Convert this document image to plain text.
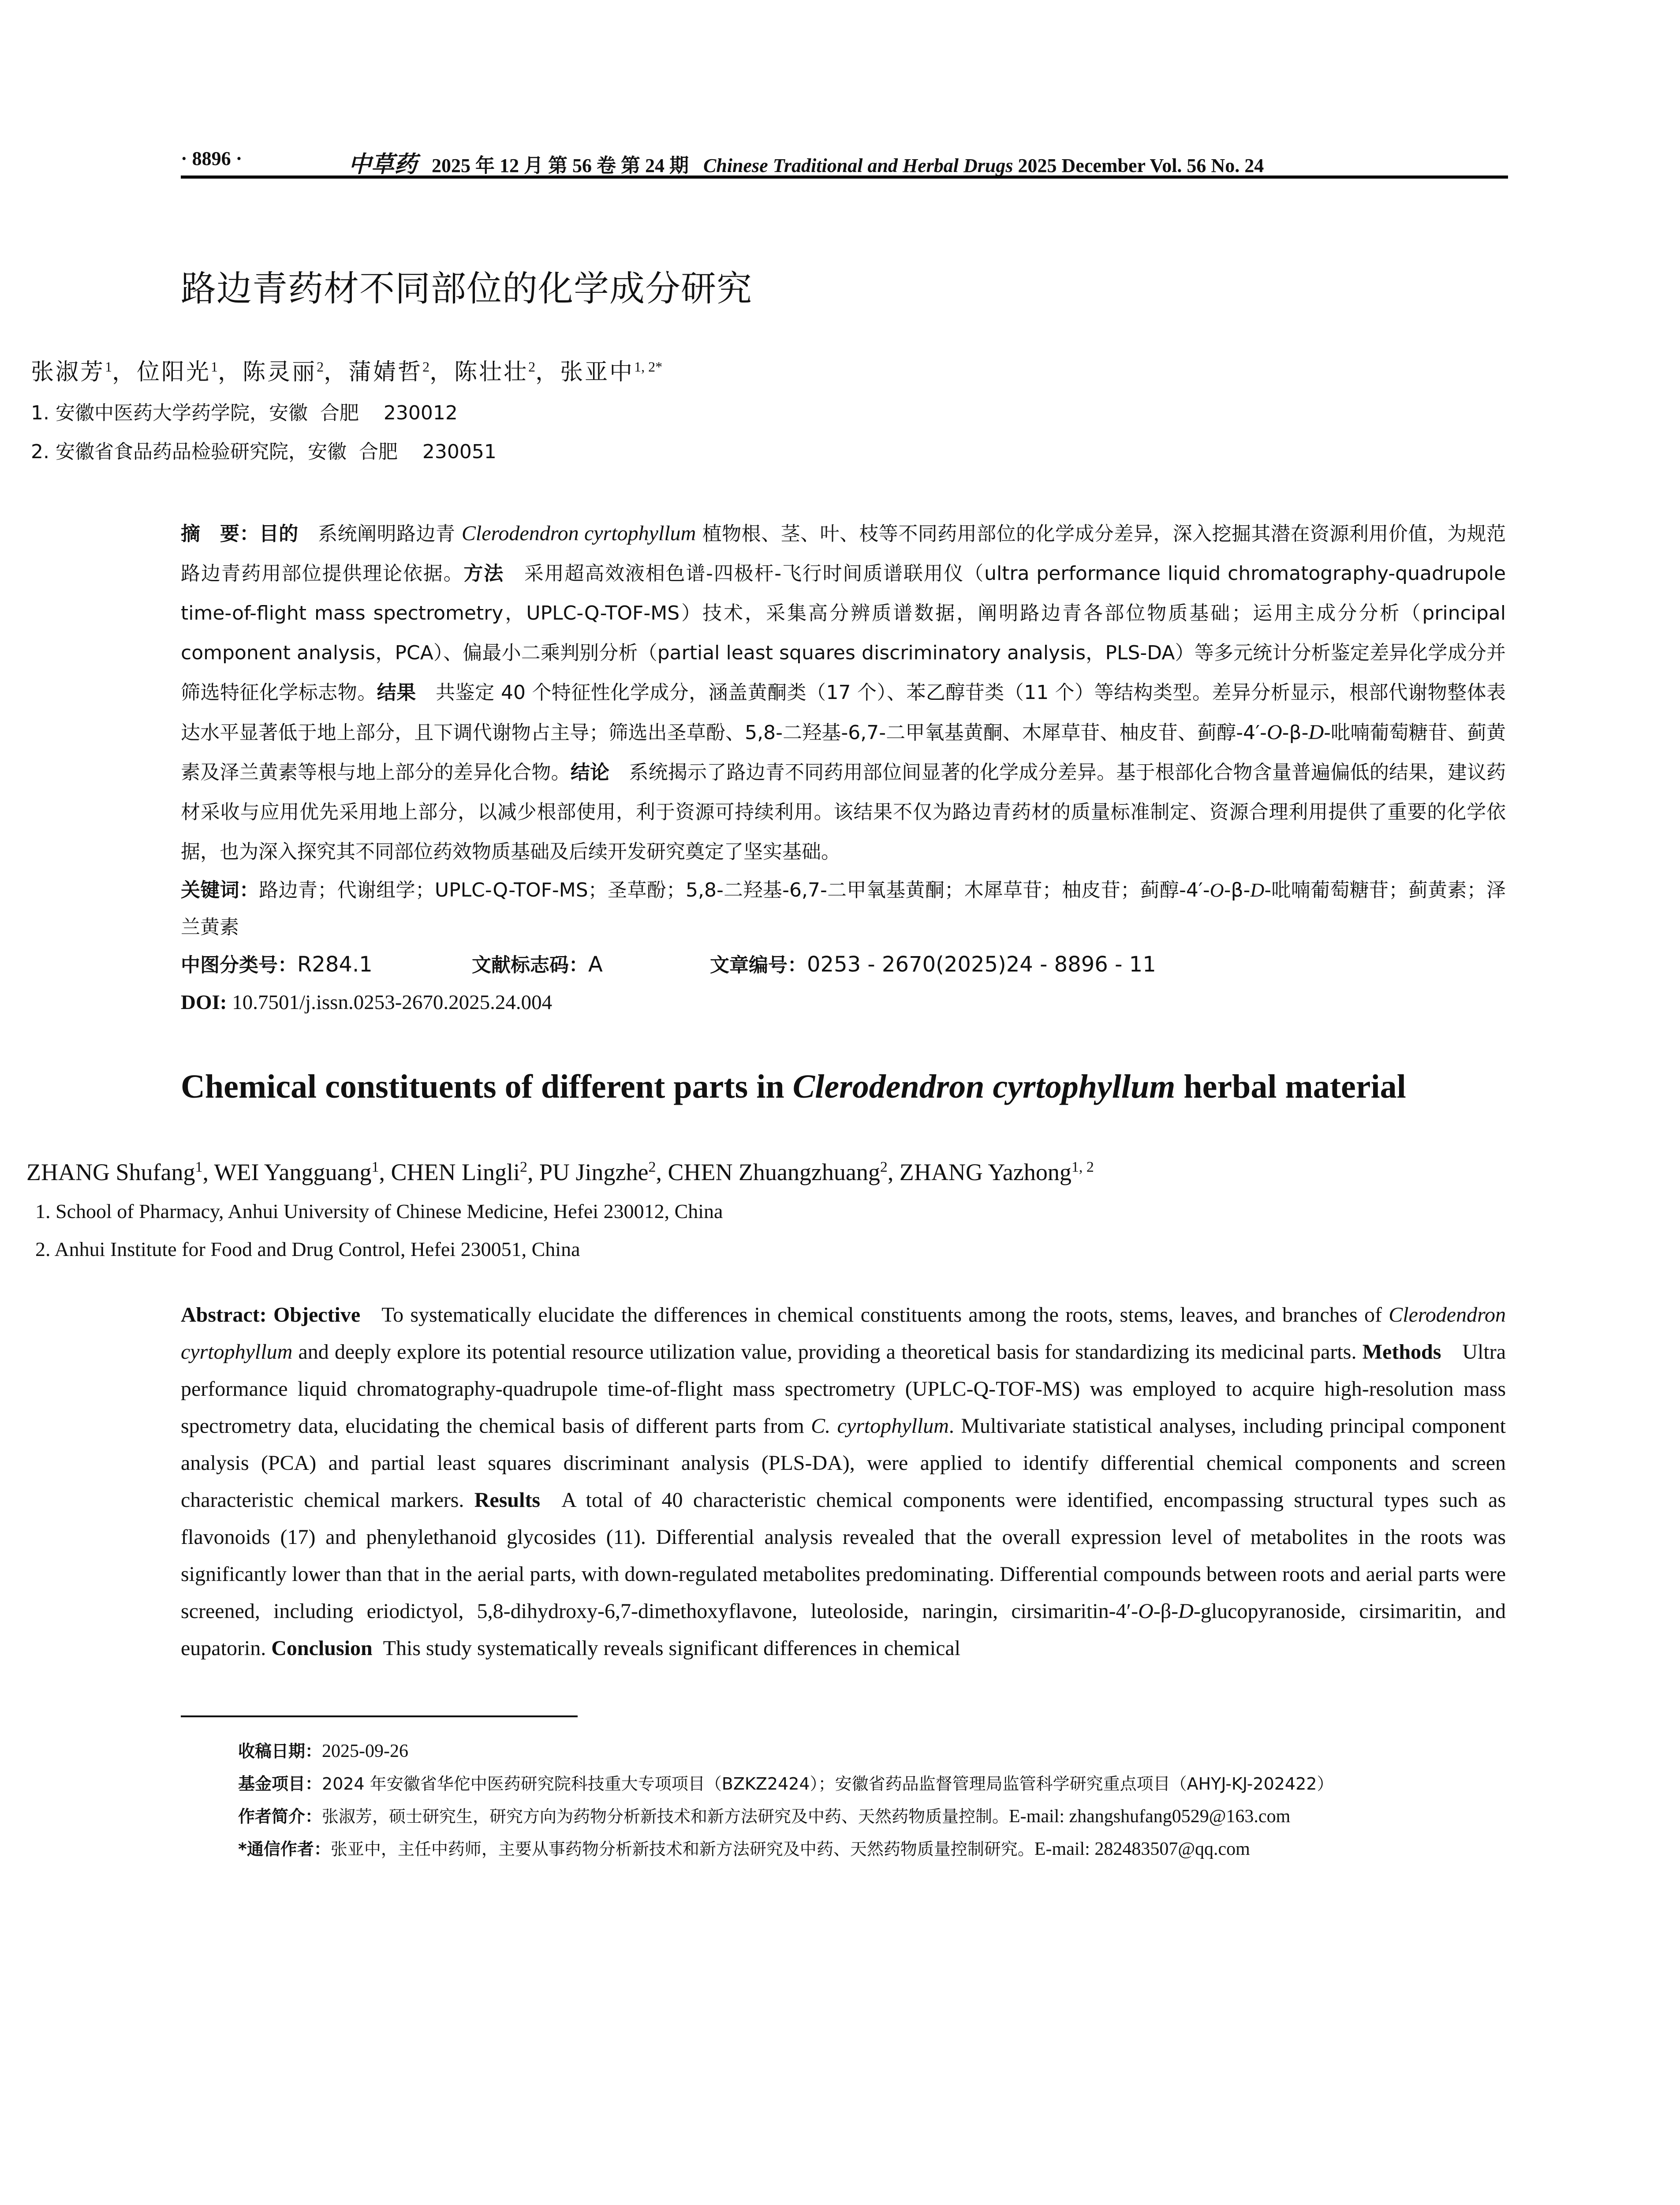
· 8896 ·	中草药 2025 年 12 月 第 56 卷 第 24 期 Chinese Traditional and Herbal Drugs 2025 December Vol. 56 No. 24
路边青药材不同部位的化学成分研究
张淑芳$^1$，位阳光$^1$，陈灵丽$^2$，蒲婧哲$^2$，陈壮壮$^2$，张亚中$^{1, 2*}$
1. 安徽中医药大学药学院，安徽  合肥    230012
2. 安徽省食品药品检验研究院，安徽  合肥    230051
摘　要：目的  系统阐明路边青 Clerodendron cyrtophyllum 植物根、茎、叶、枝等不同药用部位的化学成分差异，深入挖掘其潜在资源利用价值，为规范路边青药用部位提供理论依据。方法  采用超高效液相色谱-四极杆-飞行时间质谱联用仪（ultra performance liquid chromatography-quadrupole time-of-flight mass spectrometry，UPLC-Q-TOF-MS）技术，采集高分辨质谱数据，阐明路边青各部位物质基础；运用主成分分析（principal component analysis，PCA）、偏最小二乘判别分析（partial least squares discriminatory analysis，PLS-DA）等多元统计分析鉴定差异化学成分并筛选特征化学标志物。结果  共鉴定 40 个特征性化学成分，涵盖黄酮类（17 个）、苯乙醇苷类（11 个）等结构类型。差异分析显示，根部代谢物整体表达水平显著低于地上部分，且下调代谢物占主导；筛选出圣草酚、5,8-二羟基-6,7-二甲氧基黄酮、木犀草苷、柚皮苷、蓟醇-4′-O-β-D-吡喃葡萄糖苷、蓟黄素及泽兰黄素等根与地上部分的差异化合物。结论  系统揭示了路边青不同药用部位间显著的化学成分差异。基于根部化合物含量普遍偏低的结果，建议药材采收与应用优先采用地上部分，以减少根部使用，利于资源可持续利用。该结果不仅为路边青药材的质量标准制定、资源合理利用提供了重要的化学依据，也为深入探究其不同部位药效物质基础及后续开发研究奠定了坚实基础。
关键词：路边青；代谢组学；UPLC-Q-TOF-MS；圣草酚；5,8-二羟基-6,7-二甲氧基黄酮；木犀草苷；柚皮苷；蓟醇-4′-O-β-D-吡喃葡萄糖苷；蓟黄素；泽兰黄素
中图分类号：R284.1	文献标志码：A	文章编号：0253 - 2670(2025)24 - 8896 - 11
DOI: 10.7501/j.issn.0253-2670.2025.24.004
Chemical constituents of different parts in Clerodendron cyrtophyllum herbal material
ZHANG Shufang$^1$, WEI Yangguang$^1$, CHEN Lingli$^2$, PU Jingzhe$^2$, CHEN Zhuangzhuang$^2$, ZHANG Yazhong$^{1, 2}$
1. School of Pharmacy, Anhui University of Chinese Medicine, Hefei 230012, China
2. Anhui Institute for Food and Drug Control, Hefei 230051, China
Abstract: Objective  To systematically elucidate the differences in chemical constituents among the roots, stems, leaves, and branches of Clerodendron cyrtophyllum and deeply explore its potential resource utilization value, providing a theoretical basis for standardizing its medicinal parts. Methods  Ultra performance liquid chromatography-quadrupole time-of-flight mass spectrometry (UPLC-Q-TOF-MS) was employed to acquire high-resolution mass spectrometry data, elucidating the chemical basis of different parts from C. cyrtophyllum. Multivariate statistical analyses, including principal component analysis (PCA) and partial least squares discriminant analysis (PLS-DA), were applied to identify differential chemical components and screen characteristic chemical markers. Results  A total of 40 characteristic chemical components were identified, encompassing structural types such as flavonoids (17) and phenylethanoid glycosides (11). Differential analysis revealed that the overall expression level of metabolites in the roots was significantly lower than that in the aerial parts, with down-regulated metabolites predominating. Differential compounds between roots and aerial parts were screened, including eriodictyol, 5,8-dihydroxy-6,7-dimethoxyflavone, luteoloside, naringin, cirsimaritin-4′-O-β-D-glucopyranoside, cirsimaritin, and eupatorin. Conclusion  This study systematically reveals significant differences in chemical
收稿日期：2025-09-26
基金项目：2024 年安徽省华佗中医药研究院科技重大专项项目（BZKZ2424）；安徽省药品监督管理局监管科学研究重点项目（AHYJ-KJ-202422）
作者简介：张淑芳，硕士研究生，研究方向为药物分析新技术和新方法研究及中药、天然药物质量控制。E-mail: zhangshufang0529@163.com
*通信作者：张亚中，主任中药师，主要从事药物分析新技术和新方法研究及中药、天然药物质量控制研究。E-mail: 282483507@qq.com
